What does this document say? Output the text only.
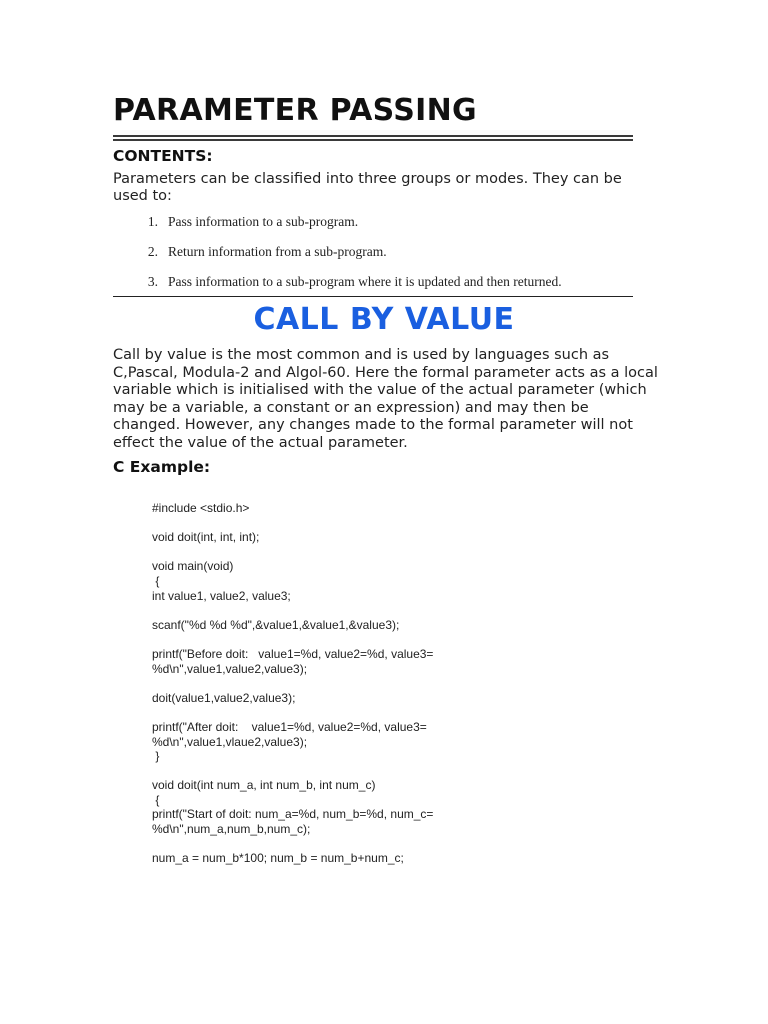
PARAMETER PASSING
CONTENTS:

Parameters can be classified into three groups or modes. They can be used to:

1. Pass information to a sub-program.
2. Return information from a sub-program.
3. Pass information to a sub-program where it is updated and then returned.
CALL BY VALUE

Call by value is the most common and is used by languages such as C,Pascal, Modula-2 and Algol-60. Here the formal parameter acts as a local variable which is initialised with the value of the actual parameter (which may be a variable, a constant or an expression) and may then be changed. However, any changes made to the formal parameter will not effect the value of the actual parameter.

C Example:
#include <stdio.h>
void doit(int, int, int);
void main(void)
{
int value1, value2, value3;
scanf("%d %d %d",&value1,&value1,&value3);
printf("Before doit:   value1=%d, value2=%d, value3=
%d\n",value1,value2,value3);
doit(value1,value2,value3);
printf("After doit:    value1=%d, value2=%d, value3=
%d\n",value1,vlaue2,value3);
}
void doit(int num_a, int num_b, int num_c)
{
printf("Start of doit: num_a=%d, num_b=%d, num_c=
%d\n",num_a,num_b,num_c);
num_a = num_b*100; num_b = num_b+num_c;
